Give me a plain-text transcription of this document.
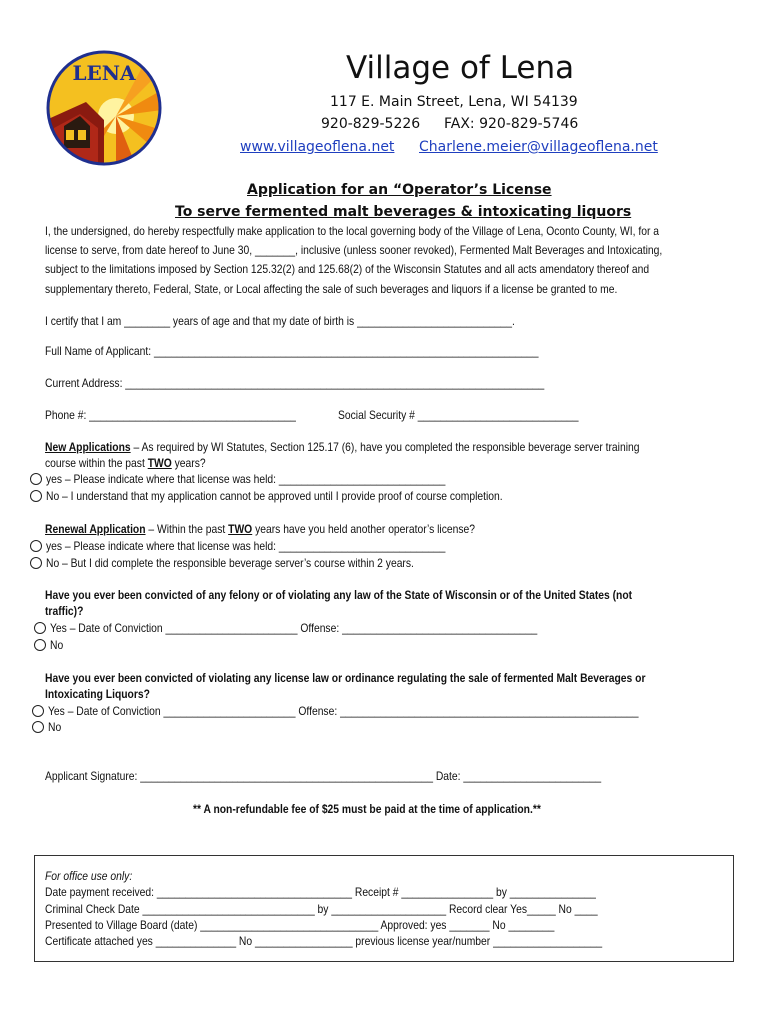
LENA	Village of Lena
117 E. Main Street, Lena, WI 54139
920-829-5226 FAX: 920-829-5746
www.villageoflena.net Charlene.meier@villageoflena.net
Application for an “Operator’s License
To serve fermented malt beverages & intoxicating liquors
I, the undersigned, do hereby respectfully make application to the local governing body of the Village of Lena, Oconto County, WI, for a
license to serve, from date hereof to June 30, _______, inclusive (unless sooner revoked), Fermented Malt Beverages and Intoxicating,
subject to the limitations imposed by Section 125.32(2) and 125.68(2) of the Wisconsin Statutes and all acts amendatory thereof and
supplementary thereto, Federal, State, or Local affecting the sale of such beverages and liquors if a license be granted to me.
I certify that I am ________ years of age and that my date of birth is ___________________________.
Full Name of Applicant: ___________________________________________________________________
Current Address: _________________________________________________________________________
Phone #: ____________________________________	Social Security # ____________________________
New Applications – As required by WI Statutes, Section 125.17 (6), have you completed the responsible beverage server training
course within the past TWO years?
yes – Please indicate where that license was held: _____________________________
No – I understand that my application cannot be approved until I provide proof of course completion.
Renewal Application – Within the past TWO years have you held another operator’s license?
yes – Please indicate where that license was held: _____________________________
No – But I did complete the responsible beverage server’s course within 2 years.
Have you ever been convicted of any felony or of violating any law of the State of Wisconsin or of the United States (not
traffic)?
Yes – Date of Conviction _______________________ Offense: __________________________________
No
Have you ever been convicted of violating any license law or ordinance regulating the sale of fermented Malt Beverages or
Intoxicating Liquors?
Yes – Date of Conviction _______________________ Offense: ____________________________________________________
No
Applicant Signature: ___________________________________________________ Date: ________________________
** A non-refundable fee of $25 must be paid at the time of application.**
For office use only:
Date payment received: __________________________________ Receipt # ________________ by _______________
Criminal Check Date ______________________________ by ____________________ Record clear Yes_____ No ____
Presented to Village Board (date) _______________________________ Approved: yes _______ No ________
Certificate attached yes ______________ No _________________ previous license year/number ___________________
